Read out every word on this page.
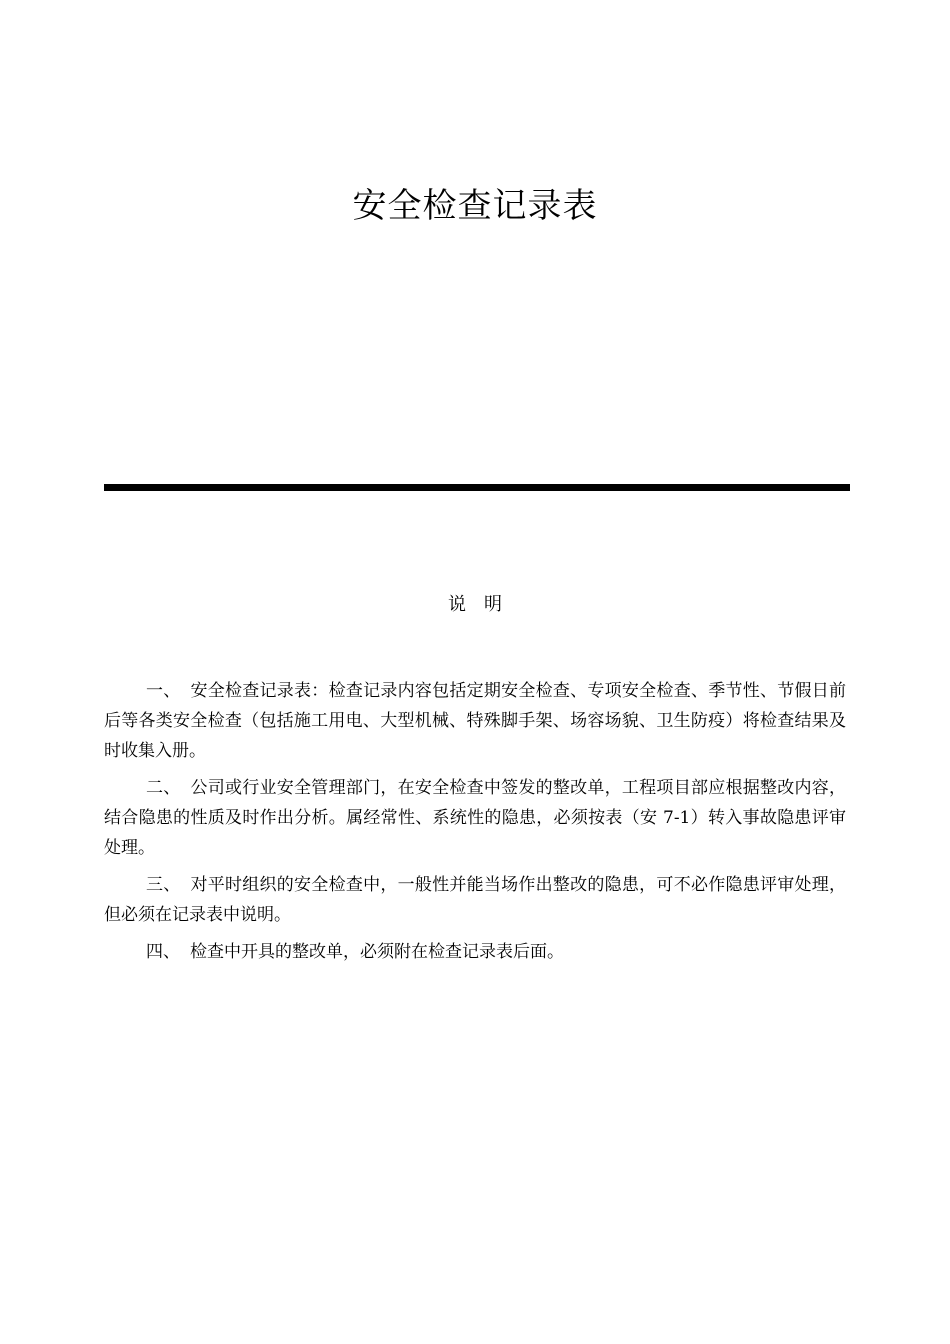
安全检查记录表
说明

一、 安全检查记录表：检查记录内容包括定期安全检查、专项安全检查、季节性、节假日前后等各类安全检查（包括施工用电、大型机械、特殊脚手架、场容场貌、卫生防疫）将检查结果及时收集入册。

二、 公司或行业安全管理部门，在安全检查中签发的整改单，工程项目部应根据整改内容，结合隐患的性质及时作出分析。属经常性、系统性的隐患，必须按表（安 7-1）转入事故隐患评审处理。

三、 对平时组织的安全检查中，一般性并能当场作出整改的隐患，可不必作隐患评审处理，但必须在记录表中说明。

四、 检查中开具的整改单，必须附在检查记录表后面。
